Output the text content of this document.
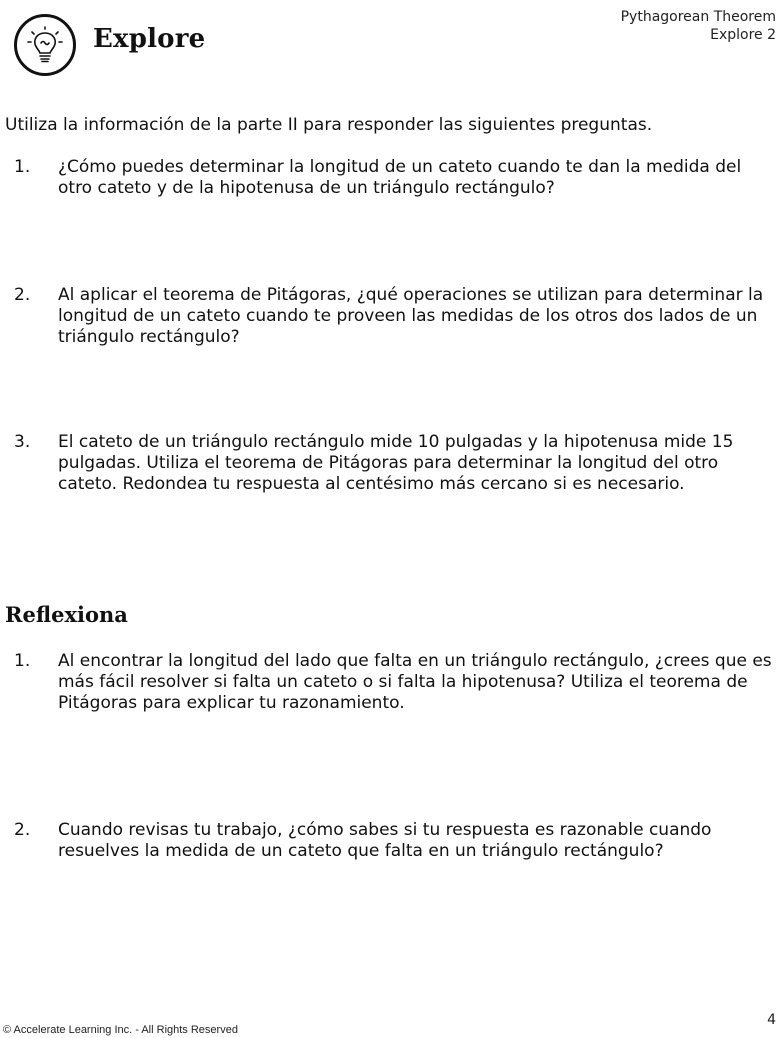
Explore
Pythagorean Theorem
Explore 2
Utiliza la información de la parte II para responder las siguientes preguntas.
1.	¿Cómo puedes determinar la longitud de un cateto cuando te dan la medida del otro cateto y de la hipotenusa de un triángulo rectángulo?
2.	Al aplicar el teorema de Pitágoras, ¿qué operaciones se utilizan para determinar la longitud de un cateto cuando te proveen las medidas de los otros dos lados de un triángulo rectángulo?
3.	El cateto de un triángulo rectángulo mide 10 pulgadas y la hipotenusa mide 15 pulgadas. Utiliza el teorema de Pitágoras para determinar la longitud del otro cateto. Redondea tu respuesta al centésimo más cercano si es necesario.
Reflexiona
1.	Al encontrar la longitud del lado que falta en un triángulo rectángulo, ¿crees que es más fácil resolver si falta un cateto o si falta la hipotenusa? Utiliza el teorema de Pitágoras para explicar tu razonamiento.
2.	Cuando revisas tu trabajo, ¿cómo sabes si tu respuesta es razonable cuando resuelves la medida de un cateto que falta en un triángulo rectángulo?
© Accelerate Learning Inc. - All Rights Reserved
4
